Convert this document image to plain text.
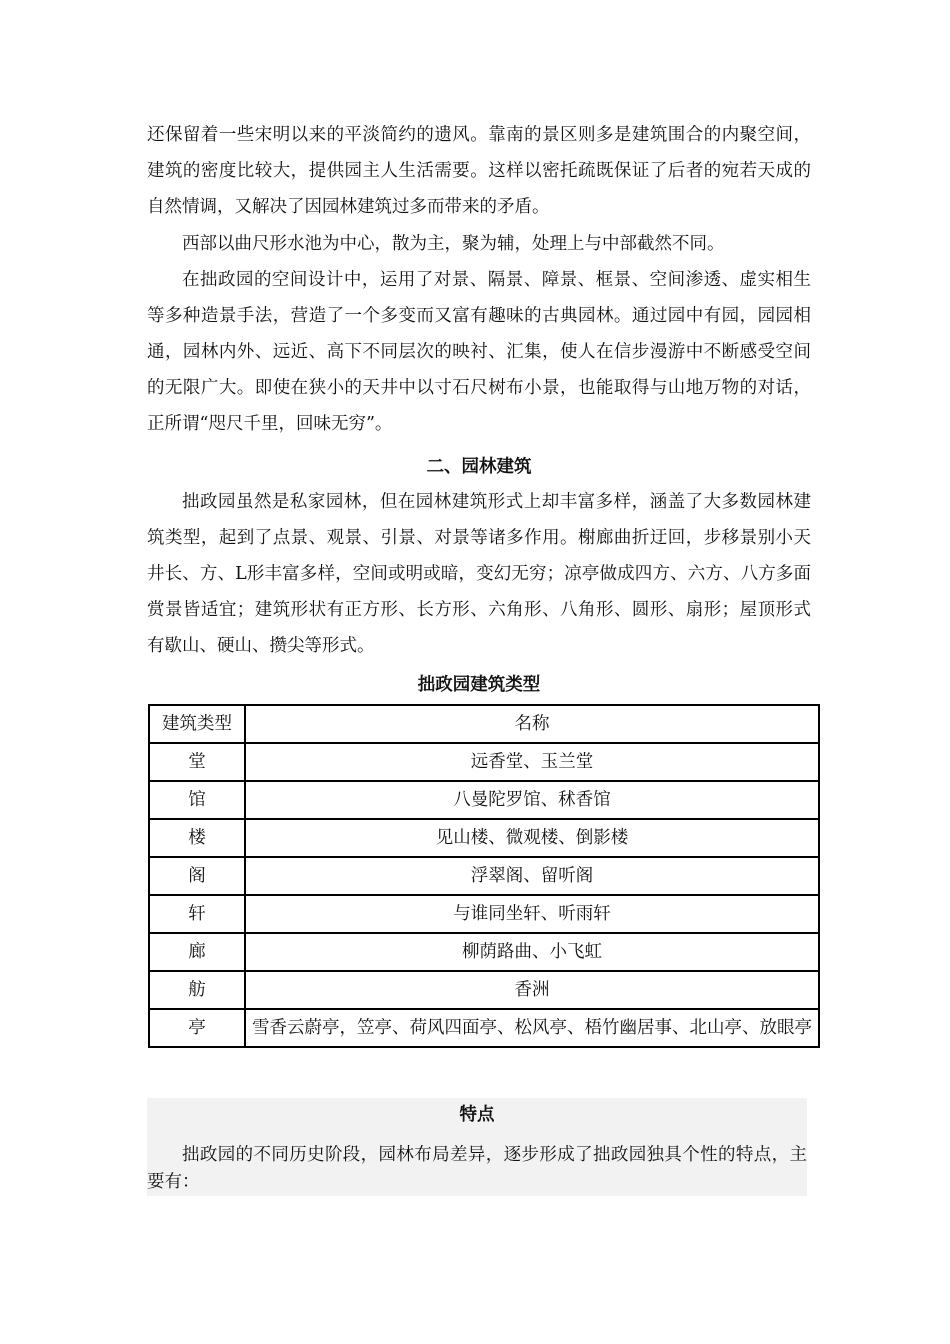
还保留着一些宋明以来的平淡简约的遗风。靠南的景区则多是建筑围合的内聚空间，建筑的密度比较大，提供园主人生活需要。这样以密托疏既保证了后者的宛若天成的自然情调，又解决了因园林建筑过多而带来的矛盾。

西部以曲尺形水池为中心，散为主，聚为辅，处理上与中部截然不同。

在拙政园的空间设计中，运用了对景、隔景、障景、框景、空间渗透、虚实相生等多种造景手法，营造了一个多变而又富有趣味的古典园林。通过园中有园，园园相通，园林内外、远近、高下不同层次的映衬、汇集，使人在信步漫游中不断感受空间的无限广大。即使在狭小的天井中以寸石尺树布小景，也能取得与山地万物的对话，正所谓“咫尺千里，回味无穷”。

二、园林建筑

拙政园虽然是私家园林，但在园林建筑形式上却丰富多样，涵盖了大多数园林建筑类型，起到了点景、观景、引景、对景等诸多作用。榭廊曲折迂回，步移景别小天井长、方、L形丰富多样，空间或明或暗，变幻无穷；凉亭做成四方、六方、八方多面赏景皆适宜；建筑形状有正方形、长方形、六角形、八角形、圆形、扇形；屋顶形式有歇山、硬山、攒尖等形式。

拙政园建筑类型
建筑类型	名称
堂	远香堂、玉兰堂
馆	八曼陀罗馆、秫香馆
楼	见山楼、微观楼、倒影楼
阁	浮翠阁、留听阁
轩	与谁同坐轩、听雨轩
廊	柳荫路曲、小飞虹
舫	香洲
亭	雪香云蔚亭，笠亭、荷风四面亭、松风亭、梧竹幽居事、北山亭、放眼亭
特点

拙政园的不同历史阶段，园林布局差异，逐步形成了拙政园独具个性的特点，主要有：
